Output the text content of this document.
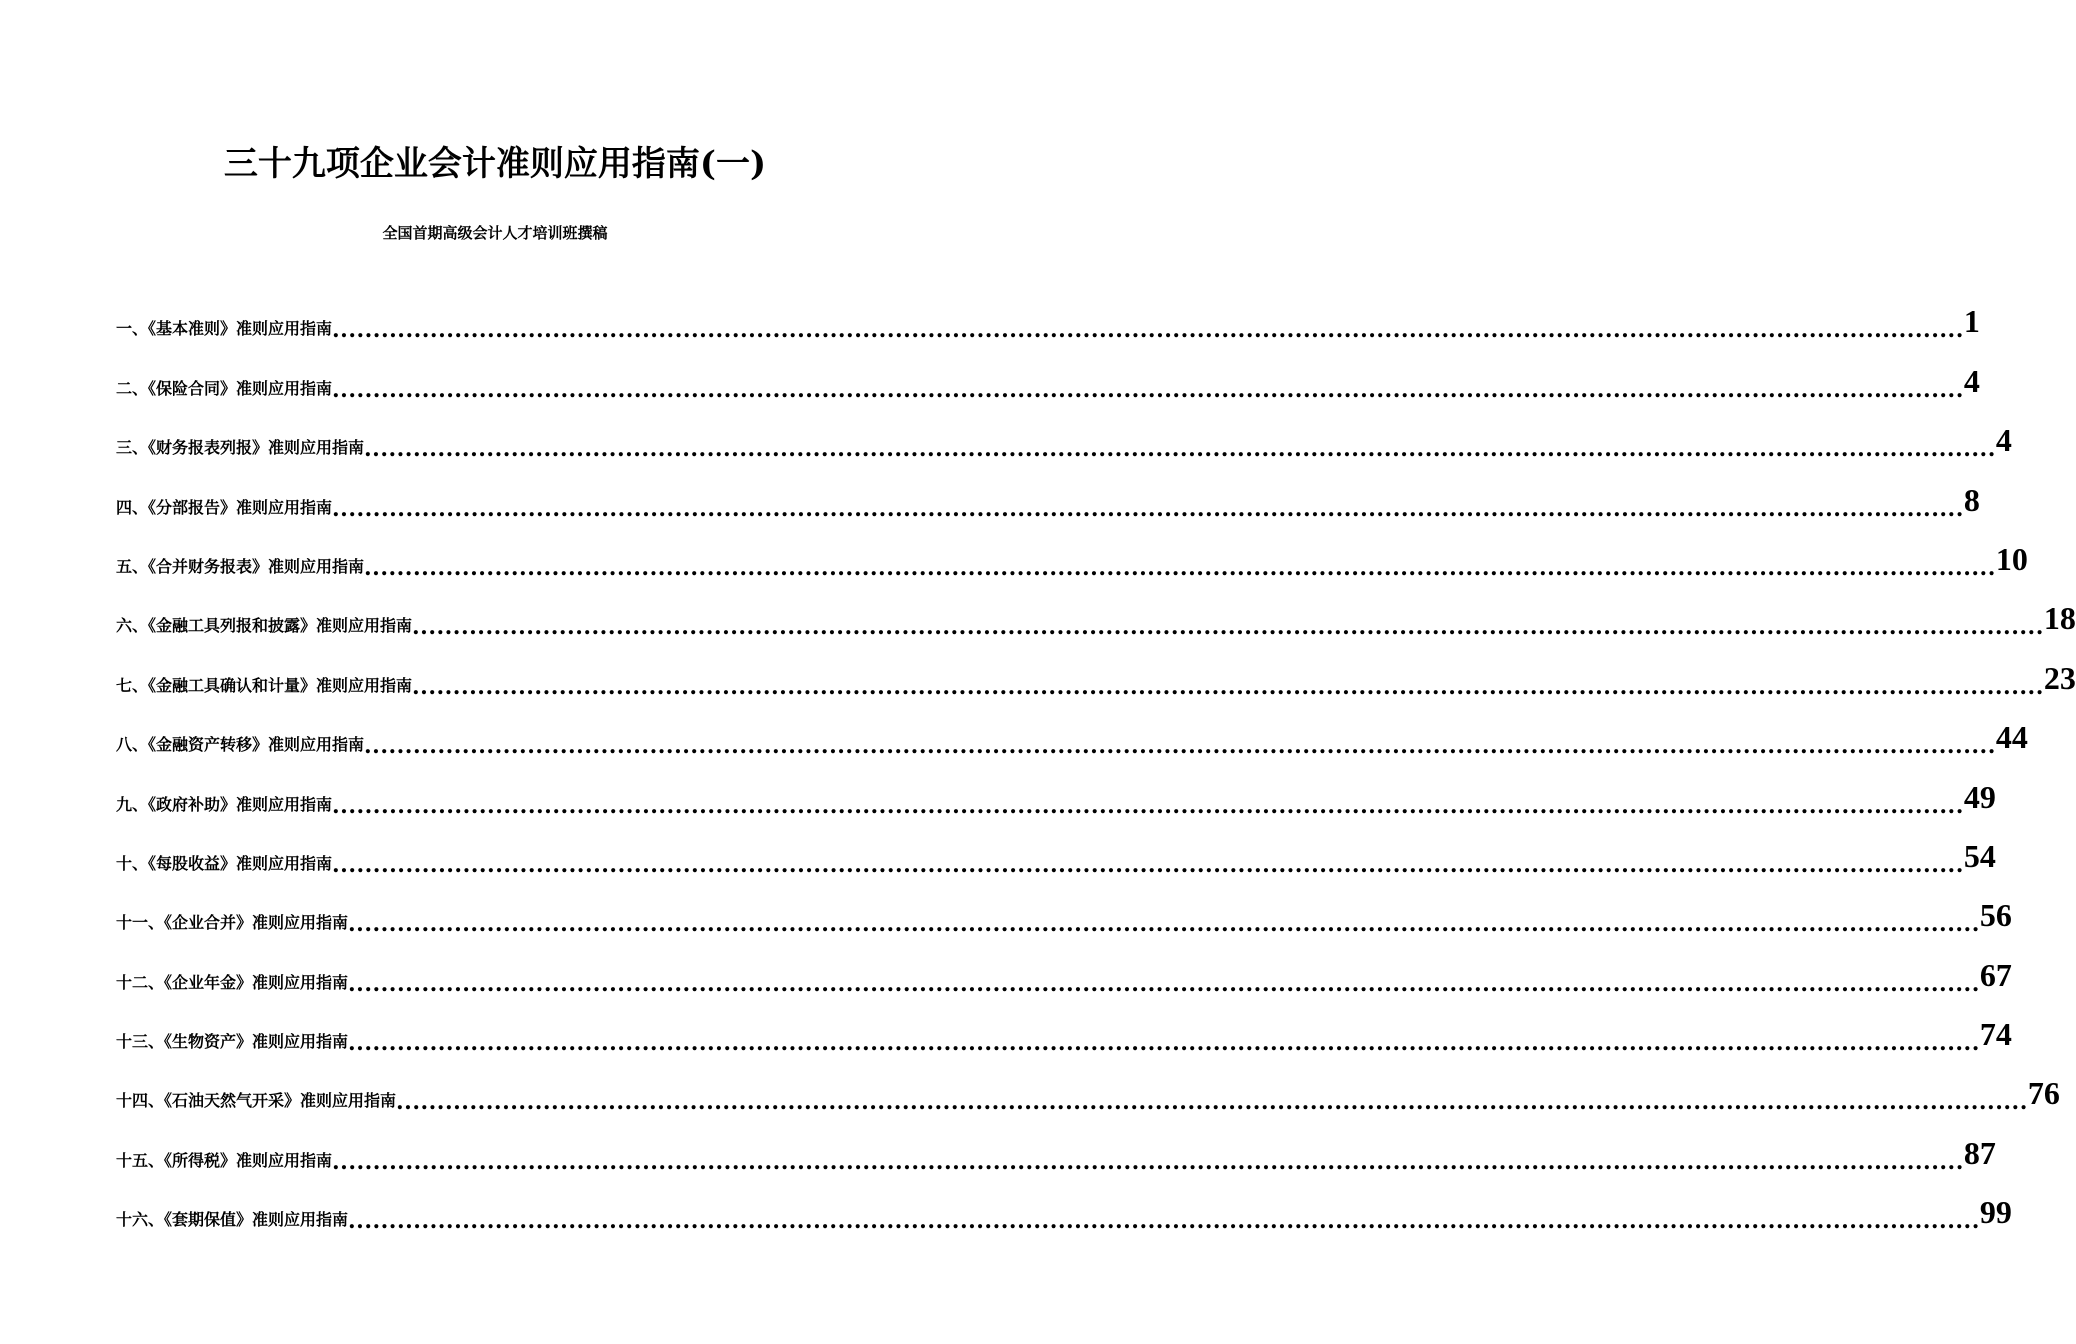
三十九项企业会计准则应用指南(一)
全国首期高级会计人才培训班撰稿
一、《基本准则》准则应用指南 ........................................................................................................................................................................................................ 1
二、《保险合同》准则应用指南 ........................................................................................................................................................................................................ 4
三、《财务报表列报》准则应用指南 ........................................................................................................................................................................................................ 4
四、《分部报告》准则应用指南 ........................................................................................................................................................................................................ 8
五、《合并财务报表》准则应用指南 ........................................................................................................................................................................................................ 10
六、《金融工具列报和披露》准则应用指南 ........................................................................................................................................................................................................ 18
七、《金融工具确认和计量》准则应用指南 ........................................................................................................................................................................................................ 23
八、《金融资产转移》准则应用指南 ........................................................................................................................................................................................................ 44
九、《政府补助》准则应用指南 ........................................................................................................................................................................................................ 49
十、《每股收益》准则应用指南 ........................................................................................................................................................................................................ 54
十一、《企业合并》准则应用指南 ........................................................................................................................................................................................................ 56
十二、《企业年金》准则应用指南 ........................................................................................................................................................................................................ 67
十三、《生物资产》准则应用指南 ........................................................................................................................................................................................................ 74
十四、《石油天然气开采》准则应用指南 ........................................................................................................................................................................................................ 76
十五、《所得税》准则应用指南 ........................................................................................................................................................................................................ 87
十六、《套期保值》准则应用指南 ........................................................................................................................................................................................................ 99
